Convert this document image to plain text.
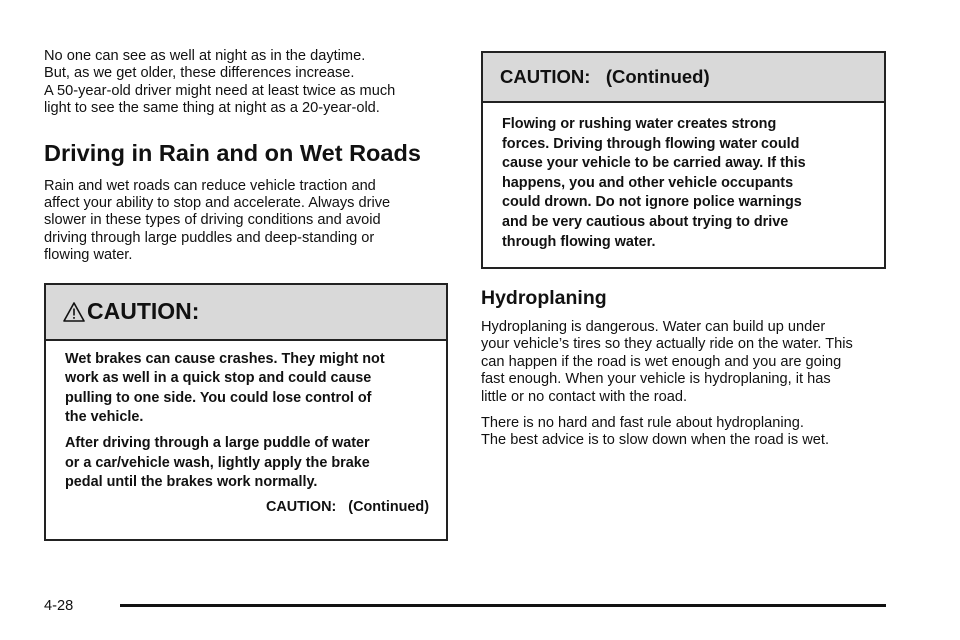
No one can see as well at night as in the daytime.

But, as we get older, these differences increase.

A 50-year-old driver might need at least twice as much

light to see the same thing at night as a 20-year-old.

Driving in Rain and on Wet Roads

Rain and wet roads can reduce vehicle traction and

affect your ability to stop and accelerate. Always drive

slower in these types of driving conditions and avoid

driving through large puddles and deep-standing or

flowing water.

CAUTION:

Wet brakes can cause crashes. They might not

work as well in a quick stop and could cause

pulling to one side. You could lose control of

the vehicle.

After driving through a large puddle of water

or a car/vehicle wash, lightly apply the brake

pedal until the brakes work normally.

CAUTION:   (Continued)

CAUTION:   (Continued)

Flowing or rushing water creates strong

forces. Driving through flowing water could

cause your vehicle to be carried away. If this

happens, you and other vehicle occupants

could drown. Do not ignore police warnings

and be very cautious about trying to drive

through flowing water.

Hydroplaning

Hydroplaning is dangerous. Water can build up under

your vehicle’s tires so they actually ride on the water. This

can happen if the road is wet enough and you are going

fast enough. When your vehicle is hydroplaning, it has

little or no contact with the road.

There is no hard and fast rule about hydroplaning.

The best advice is to slow down when the road is wet.

4-28
